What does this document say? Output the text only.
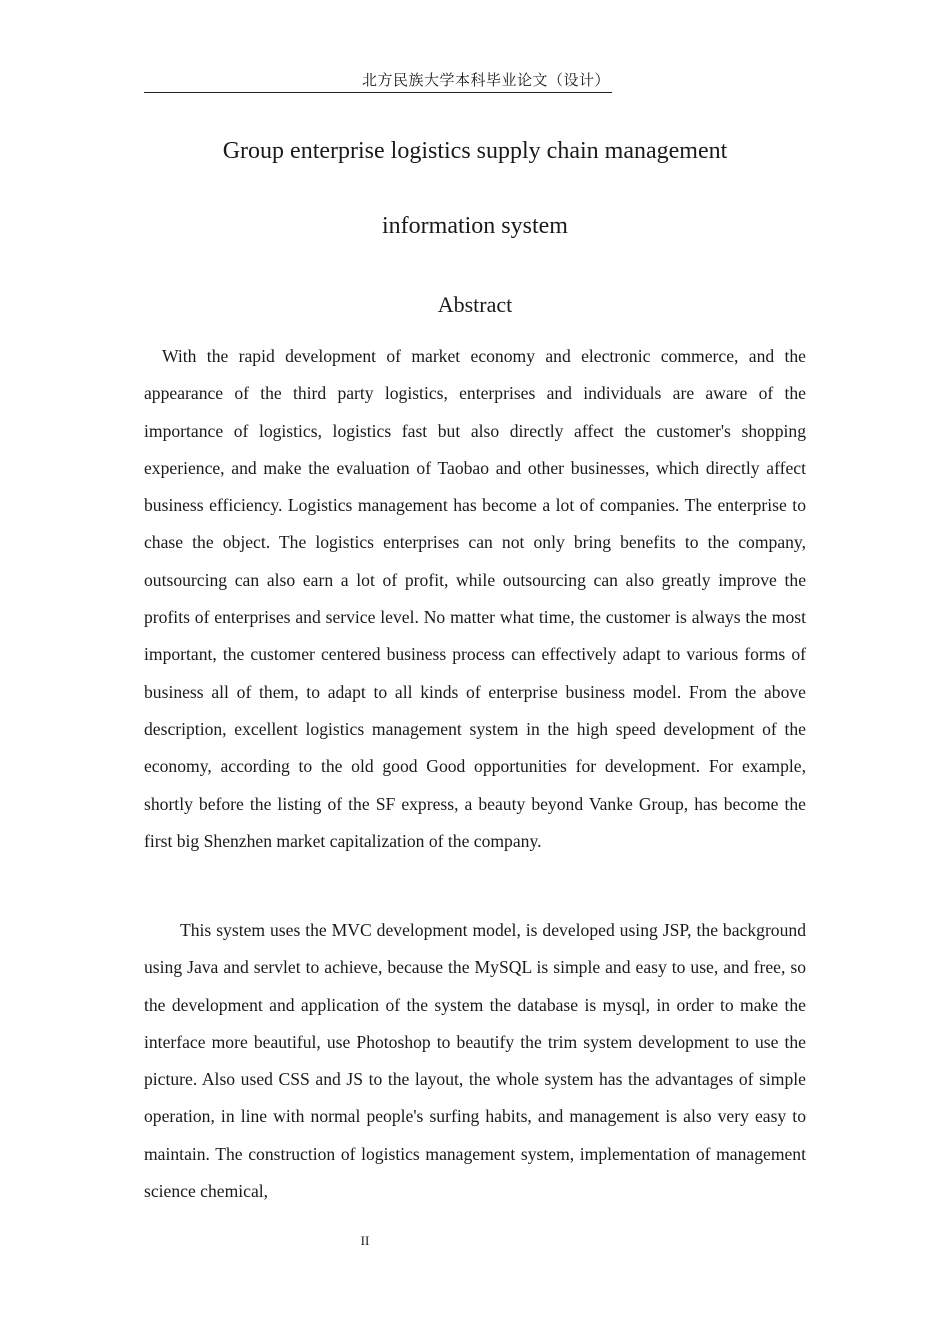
北方民族大学本科毕业论文（设计）
Group enterprise logistics supply chain management
information system
Abstract

With the rapid development of market economy and electronic commerce, and the appearance of the third party logistics, enterprises and individuals are aware of the importance of logistics, logistics fast but also directly affect the customer's shopping experience, and make the evaluation of Taobao and other businesses, which directly affect business efficiency. Logistics management has become a lot of companies. The enterprise to chase the object. The logistics enterprises can not only bring benefits to the company, outsourcing can also earn a lot of profit, while outsourcing can also greatly improve the profits of enterprises and service level. No matter what time, the customer is always the most important, the customer centered business process can effectively adapt to various forms of business all of them, to adapt to all kinds of enterprise business model. From the above description, excellent logistics management system in the high speed development of the economy, according to the old good Good opportunities for development. For example, shortly before the listing of the SF express, a beauty beyond Vanke Group, has become the first big Shenzhen market capitalization of the company.

This system uses the MVC development model, is developed using JSP, the background using Java and servlet to achieve, because the MySQL is simple and easy to use, and free, so the development and application of the system the database is mysql, in order to make the interface more beautiful, use Photoshop to beautify the trim system development to use the picture. Also used CSS and JS to the layout, the whole system has the advantages of simple operation, in line with normal people's surfing habits, and management is also very easy to maintain. The construction of logistics management system, implementation of management science chemical,

II
